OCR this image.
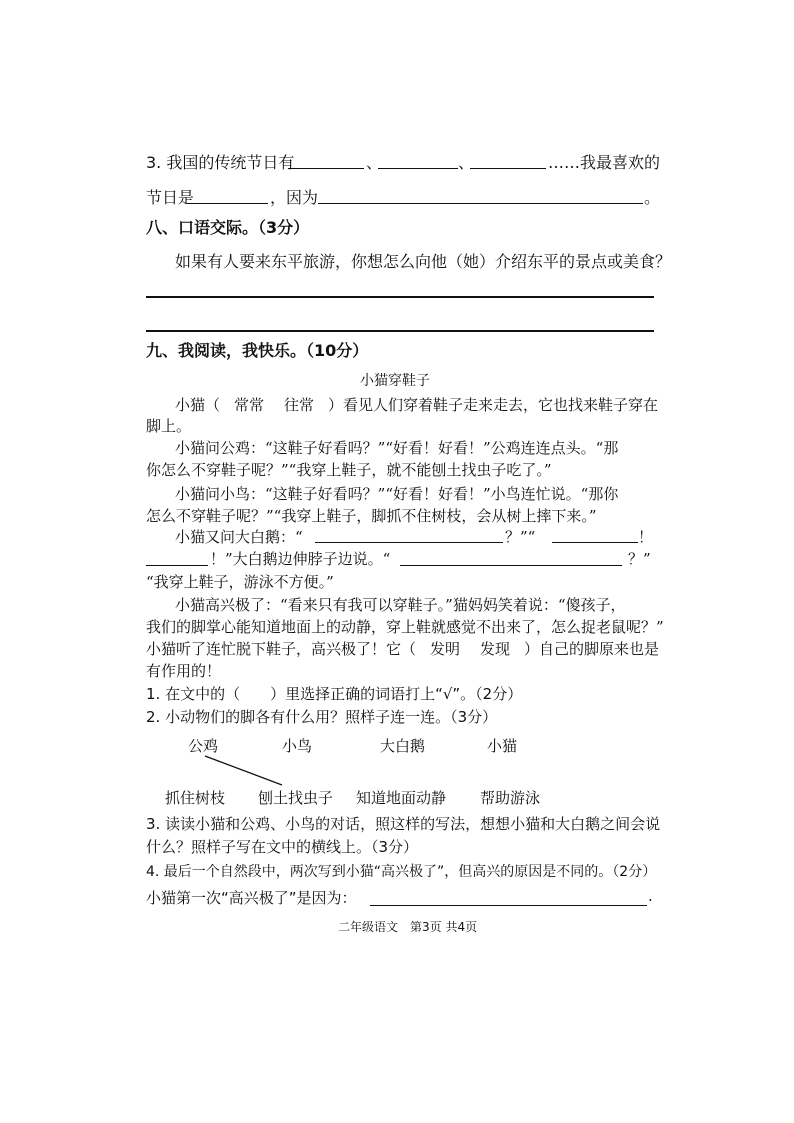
3. 我国的传统节日有	、	、	……我最喜欢的
节日是	，因为	。
八、口语交际。（3分）
如果有人要来东平旅游，你想怎么向他（她）介绍东平的景点或美食？
九、我阅读，我快乐。（10分）
小猫穿鞋子
小猫（ 常常 往常 ）看见人们穿着鞋子走来走去，它也找来鞋子穿在
脚上。
小猫问公鸡：“这鞋子好看吗？”“好看！好看！”公鸡连连点头。“那
你怎么不穿鞋子呢？”“我穿上鞋子，就不能刨土找虫子吃了。”
小猫问小鸟：“这鞋子好看吗？”“好看！好看！”小鸟连忙说。“那你
怎么不穿鞋子呢？”“我穿上鞋子，脚抓不住树枝，会从树上摔下来。”
小猫又问大白鹅：“	？”“	！
！”大白鹅边伸脖子边说。“	？”
“我穿上鞋子，游泳不方便。”
小猫高兴极了：“看来只有我可以穿鞋子。”猫妈妈笑着说：“傻孩子，
我们的脚掌心能知道地面上的动静，穿上鞋就感觉不出来了，怎么捉老鼠呢？”
小猫听了连忙脱下鞋子，高兴极了！它（ 发明 发现 ）自己的脚原来也是
有作用的！
1. 在文中的（　　）里选择正确的词语打上“√”。（2分）
2. 小动物们的脚各有什么用？照样子连一连。（3分）
公鸡	小鸟	大白鹅	小猫
抓住树枝 刨土找虫子 知道地面动静 帮助游泳
3. 读读小猫和公鸡、小鸟的对话，照这样的写法，想想小猫和大白鹅之间会说
什么？照样子写在文中的横线上。（3分）
4. 最后一个自然段中，两次写到小猫“高兴极了”，但高兴的原因是不同的。（2分）
小猫第一次“高兴极了”是因为：	.
二年级语文　第3页 共4页
